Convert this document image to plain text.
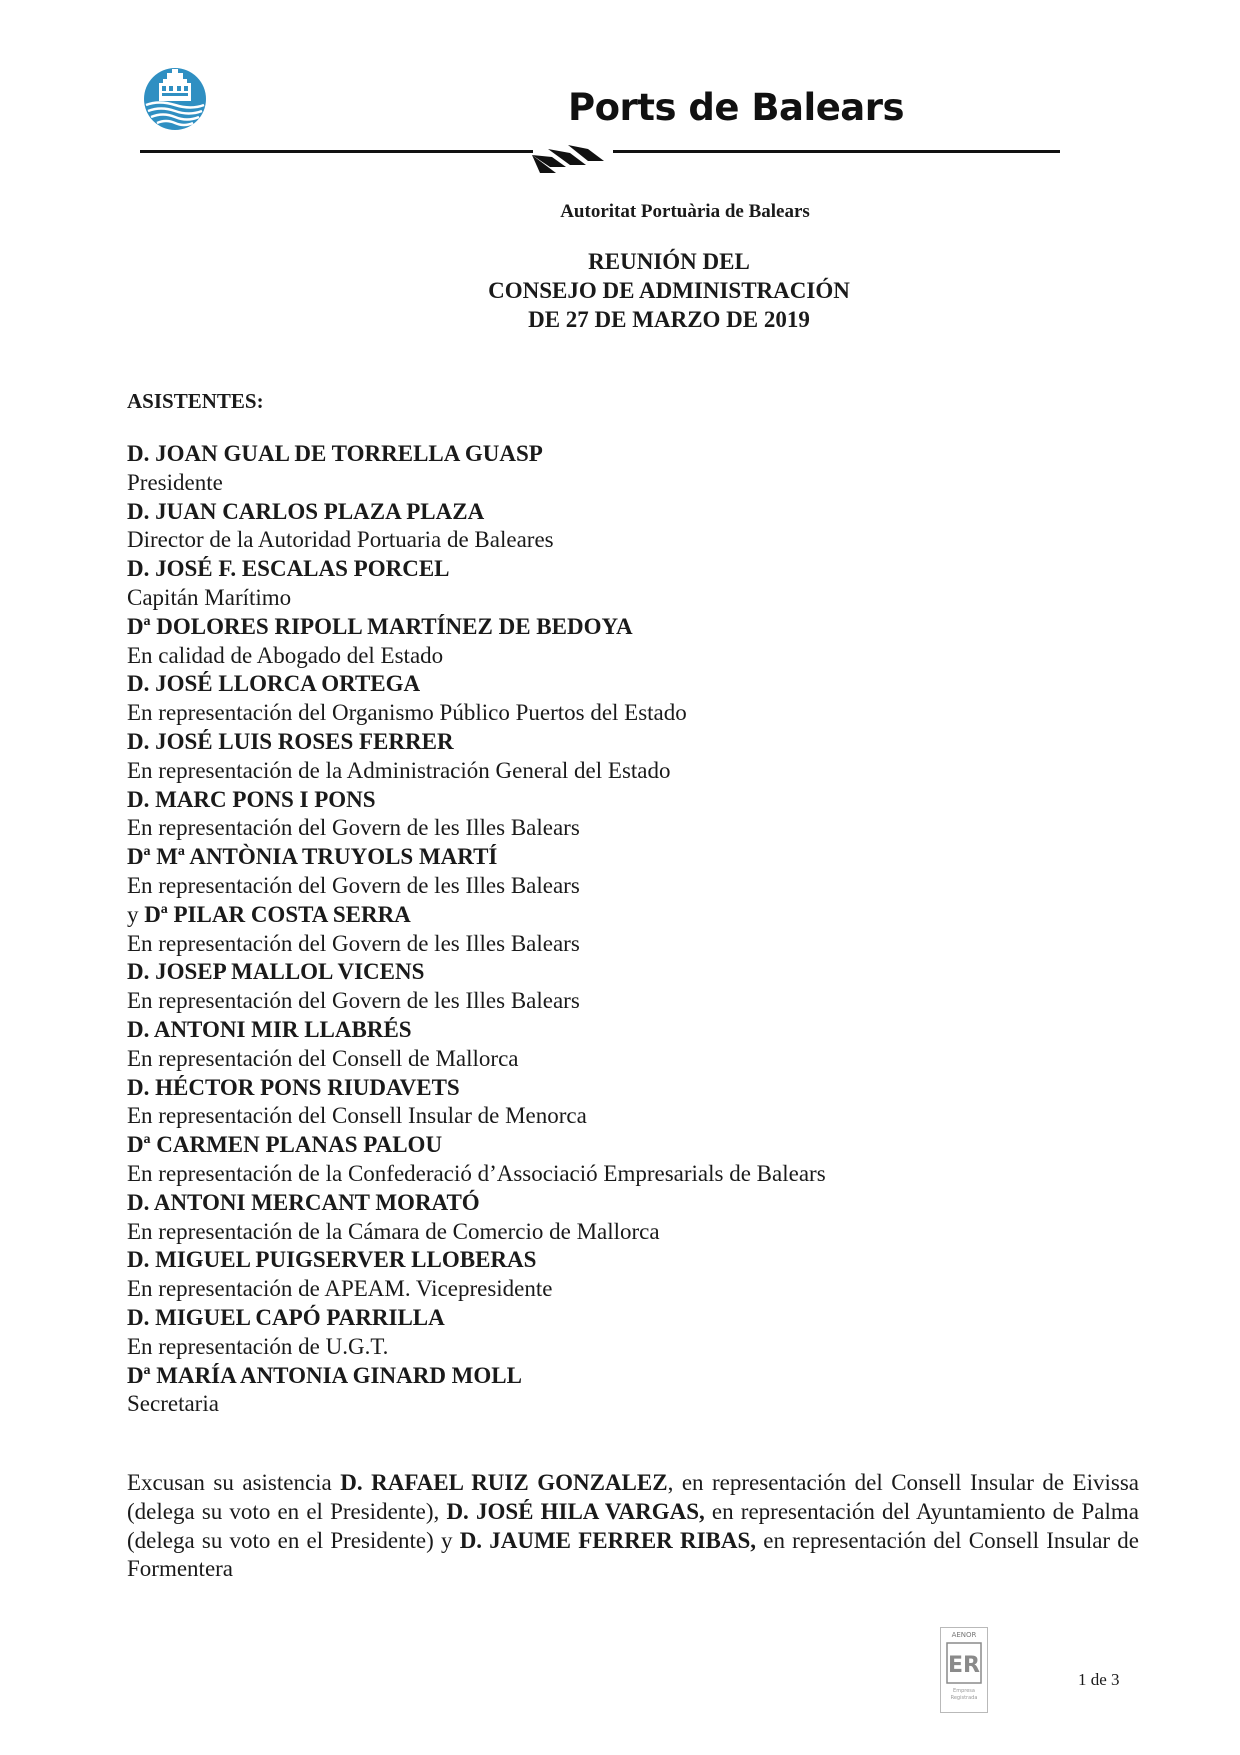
Ports de Balears
Autoritat Portuària de Balears
REUNIÓN DEL
CONSEJO DE ADMINISTRACIÓN
DE 27 DE MARZO DE 2019
ASISTENTES:
D. JOAN GUAL DE TORRELLA GUASP
Presidente
D. JUAN CARLOS PLAZA PLAZA
Director de la Autoridad Portuaria de Baleares
D. JOSÉ F. ESCALAS PORCEL
Capitán Marítimo
Dª DOLORES RIPOLL MARTÍNEZ DE BEDOYA
En calidad de Abogado del Estado
D. JOSÉ LLORCA ORTEGA
En representación del Organismo Público Puertos del Estado
D. JOSÉ LUIS ROSES FERRER
En representación de la Administración General del Estado
D. MARC PONS I PONS
En representación del Govern de les Illes Balears
Dª Mª ANTÒNIA TRUYOLS MARTÍ
En representación del Govern de les Illes Balears
y Dª PILAR COSTA SERRA
En representación del Govern de les Illes Balears
D. JOSEP MALLOL VICENS
En representación del Govern de les Illes Balears
D. ANTONI MIR LLABRÉS
En representación del Consell de Mallorca
D. HÉCTOR PONS RIUDAVETS
En representación del Consell Insular de Menorca
Dª CARMEN PLANAS PALOU
En representación de la Confederació d’Associació Empresarials de Balears
D. ANTONI MERCANT MORATÓ
En representación de la Cámara de Comercio de Mallorca
D. MIGUEL PUIGSERVER LLOBERAS
En representación de APEAM. Vicepresidente
D. MIGUEL CAPÓ PARRILLA
En representación de U.G.T.
Dª MARÍA ANTONIA GINARD MOLL
Secretaria

Excusan su asistencia D. RAFAEL RUIZ GONZALEZ, en representación del Consell Insular de Eivissa (delega su voto en el Presidente), D. JOSÉ HILA VARGAS, en representación del Ayuntamiento de Palma (delega su voto en el Presidente) y D. JAUME FERRER RIBAS, en representación del Consell Insular de Formentera

AENOR
ER
Empresa Registrada
1 de 3
